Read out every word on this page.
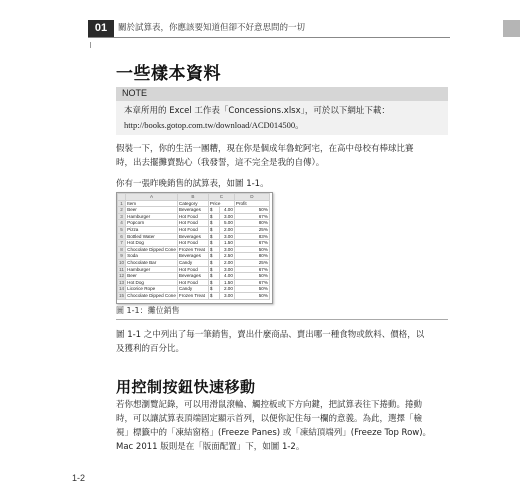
01	關於試算表，你應該要知道但卻不好意思問的一切
一些樣本資料
NOTE
本章所用的 Excel 工作表「Concessions.xlsx」，可於以下網址下載：
http://books.gotop.com.tw/download/ACD014500。
假裝一下，你的生活一團糟，現在你是個成年魯蛇阿宅，在高中母校有棒球比賽
時，出去擺攤賣點心（我發誓，這不完全是我的自傳）。
你有一張昨晚銷售的試算表，如圖 1-1。
	A	B	C		D
1	Item	Category	Price		Profit
2	Beer	Beverages	$	4.00	50%
3	Hamburger	Hot Food	$	3.00	67%
4	Popcorn	Hot Food	$	5.00	80%
5	Pizza	Hot Food	$	2.00	25%
6	Bottled Water	Beverages	$	3.00	83%
7	Hot Dog	Hot Food	$	1.50	67%
8	Chocolate Dipped Cone	Frozen Treat	$	3.00	50%
9	Soda	Beverages	$	2.50	80%
10	Chocolate Bar	Candy	$	2.00	25%
11	Hamburger	Hot Food	$	3.00	67%
12	Beer	Beverages	$	4.00	50%
13	Hot Dog	Hot Food	$	1.50	67%
14	Licorice Rope	Candy	$	2.00	50%
15	Chocolate Dipped Cone	Frozen Treat	$	3.00	50%
圖 1-1：攤位銷售
圖 1-1 之中列出了每一筆銷售，賣出什麼商品、賣出哪一種食物或飲料、價格，以
及獲利的百分比。
用控制按鈕快速移動
若你想瀏覽記錄，可以用滑鼠滾輪、觸控板或下方向鍵，把試算表往下捲動。捲動
時，可以讓試算表頂端固定顯示首列，以便你記住每一欄的意義。為此，選擇「檢
視」標籤中的「凍結窗格」(Freeze Panes) 或「凍結頂端列」(Freeze Top Row)。
Mac 2011 版則是在「版面配置」下，如圖 1-2。
1-2
